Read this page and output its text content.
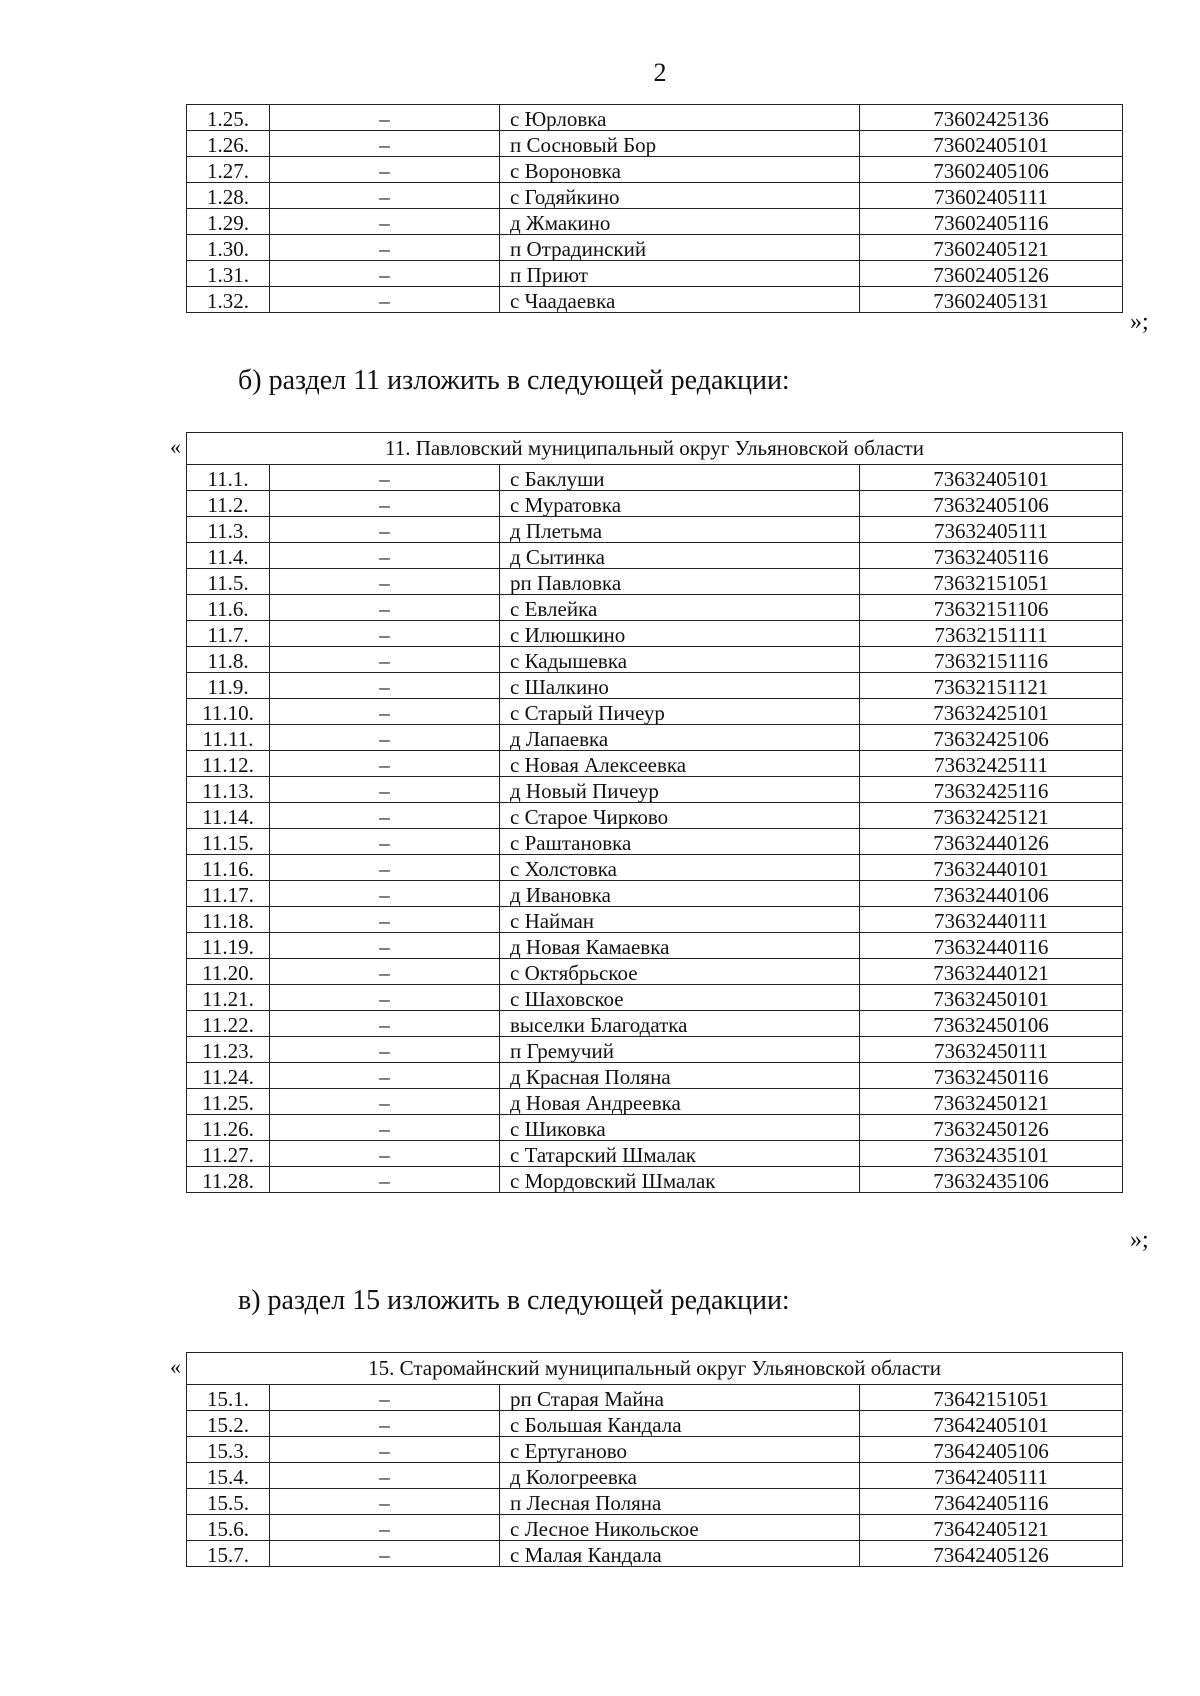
2
1.25.	–	с Юрловка	73602425136
1.26.	–	п Сосновый Бор	73602405101
1.27.	–	с Вороновка	73602405106
1.28.	–	с Годяйкино	73602405111
1.29.	–	д Жмакино	73602405116
1.30.	–	п Отрадинский	73602405121
1.31.	–	п Приют	73602405126
1.32.	–	с Чаадаевка	73602405131
»;
б) раздел 11 изложить в следующей редакции:
«	11. Павловский муниципальный округ Ульяновской области			
11.1.	–	с Баклуши	73632405101
11.2.	–	с Муратовка	73632405106
11.3.	–	д Плетьма	73632405111
11.4.	–	д Сытинка	73632405116
11.5.	–	рп Павловка	73632151051
11.6.	–	с Евлейка	73632151106
11.7.	–	с Илюшкино	73632151111
11.8.	–	с Кадышевка	73632151116
11.9.	–	с Шалкино	73632151121
11.10.	–	с Старый Пичеур	73632425101
11.11.	–	д Лапаевка	73632425106
11.12.	–	с Новая Алексеевка	73632425111
11.13.	–	д Новый Пичеур	73632425116
11.14.	–	с Старое Чирково	73632425121
11.15.	–	с Раштановка	73632440126
11.16.	–	с Холстовка	73632440101
11.17.	–	д Ивановка	73632440106
11.18.	–	с Найман	73632440111
11.19.	–	д Новая Камаевка	73632440116
11.20.	–	с Октябрьское	73632440121
11.21.	–	с Шаховское	73632450101
11.22.	–	выселки Благодатка	73632450106
11.23.	–	п Гремучий	73632450111
11.24.	–	д Красная Поляна	73632450116
11.25.	–	д Новая Андреевка	73632450121
11.26.	–	с Шиковка	73632450126
11.27.	–	с Татарский Шмалак	73632435101
11.28.	–	с Мордовский Шмалак	73632435106
»;
в) раздел 15 изложить в следующей редакции:
«	15. Старомайнский муниципальный округ Ульяновской области			
15.1.	–	рп Старая Майна	73642151051
15.2.	–	с Большая Кандала	73642405101
15.3.	–	с Ертуганово	73642405106
15.4.	–	д Кологреевка	73642405111
15.5.	–	п Лесная Поляна	73642405116
15.6.	–	с Лесное Никольское	73642405121
15.7.	–	с Малая Кандала	73642405126
